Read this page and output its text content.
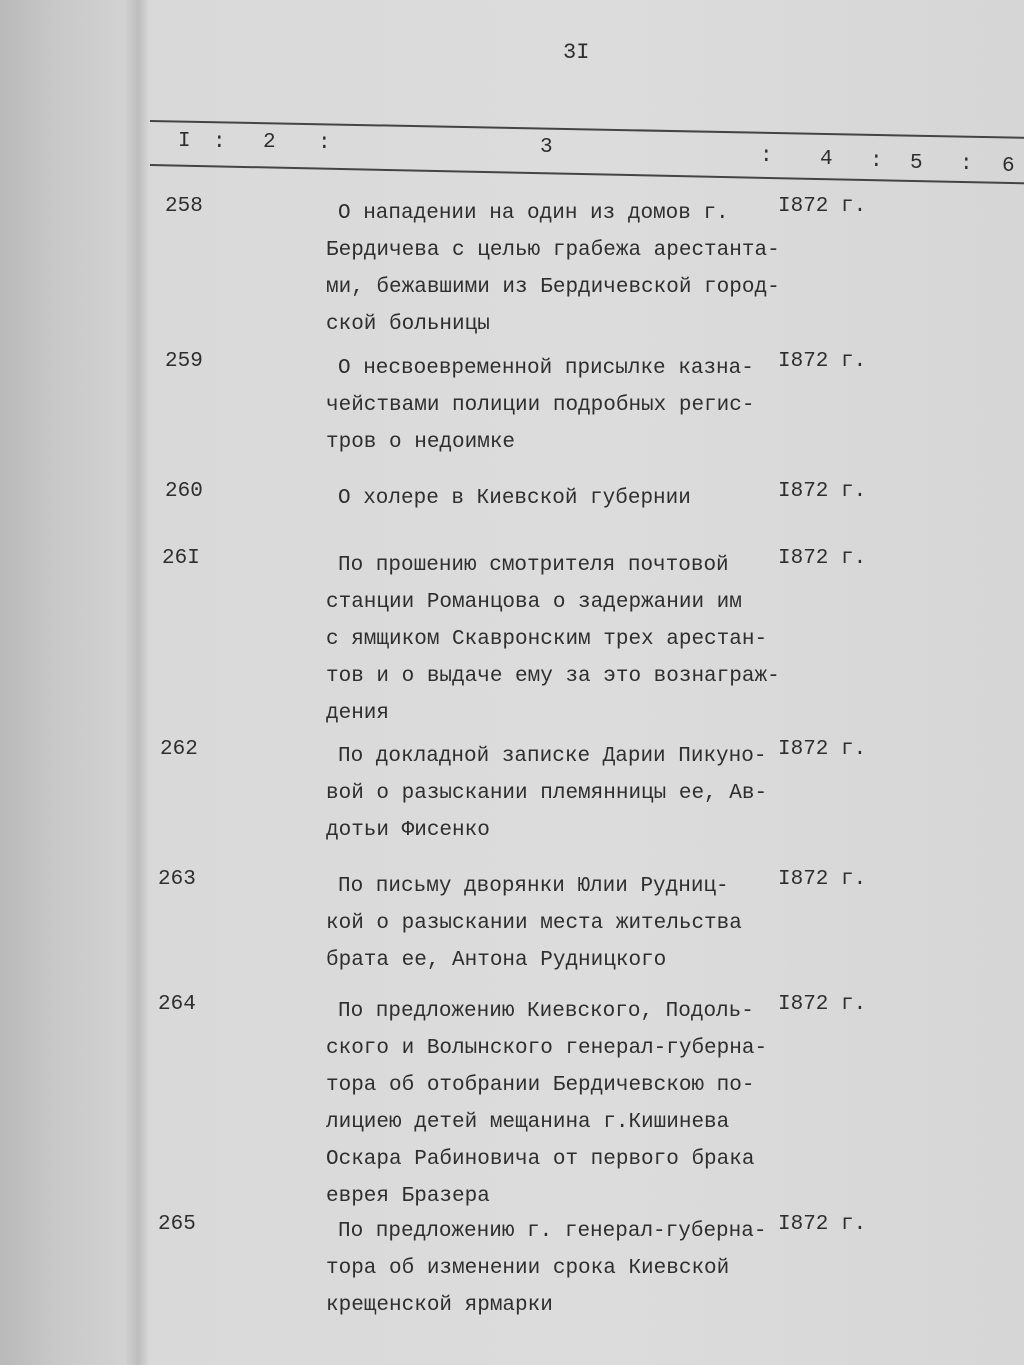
3I
I : 2 :	3	: 4 : 5 : 6
258	О нападении на один из домов г.
Бердичева с целью грабежа арестанта-
ми, бежавшими из Бердичевской город-
ской больницы
I872 г.
259	О несвоевременной присылке казна-
чействами полиции подробных регис-
тров о недоимке
I872 г.
260	О холере в Киевской губернии	I872 г.
26I	По прошению смотрителя почтовой
станции Романцова о задержании им
с ямщиком Скавронским трех арестан-
тов и о выдаче ему за это вознаграж-
дения
I872 г.
262	По докладной записке Дарии Пикуно-
вой о разыскании племянницы ее, Ав-
дотьи Фисенко
I872 г.
263	По письму дворянки Юлии Рудниц-
кой о разыскании места жительства
брата ее, Антона Рудницкого
I872 г.
264	По предложению Киевского, Подоль-
ского и Волынского генерал-губерна-
тора об отобрании Бердичевскою по-
лициею детей мещанина г.Кишинева
Оскара Рабиновича от первого брака
еврея Бразера
I872 г.
265	По предложению г. генерал-губерна-
тора об изменении срока Киевской
крещенской ярмарки
I872 г.
